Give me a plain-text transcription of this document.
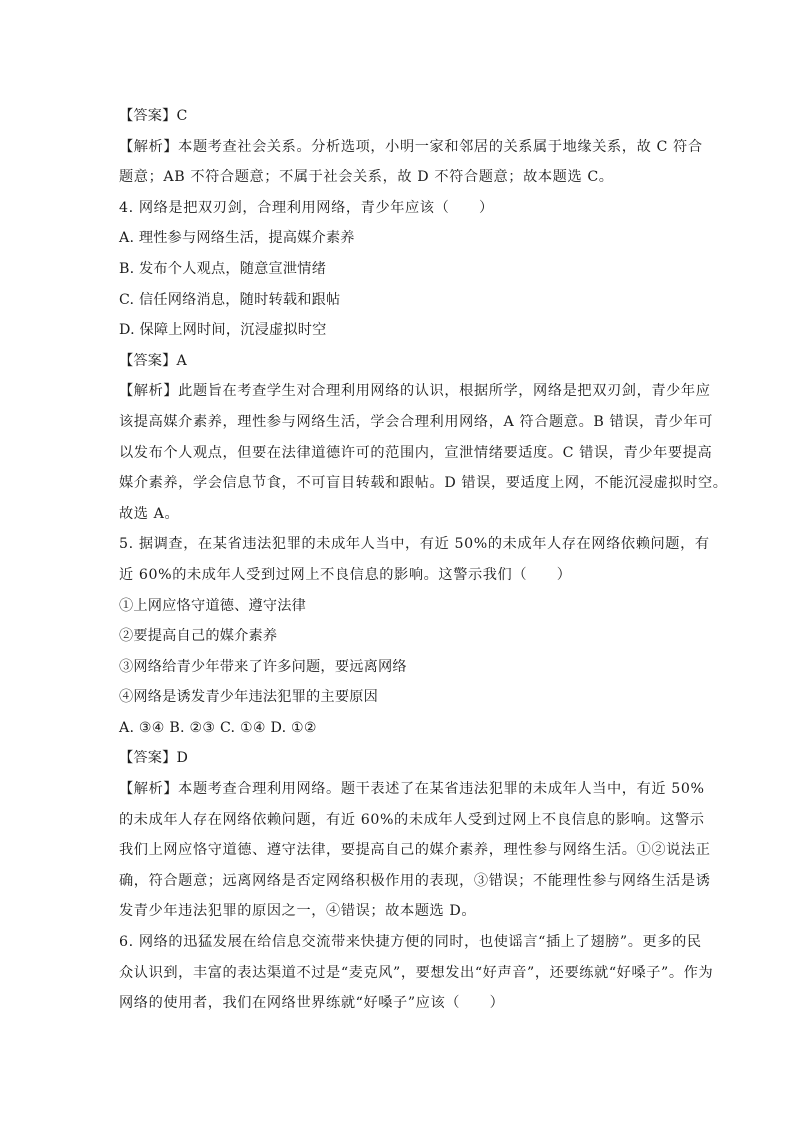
【答案】C
【解析】本题考查社会关系。分析选项，小明一家和邻居的关系属于地缘关系，故 C 符合
题意；AB 不符合题意；不属于社会关系，故 D 不符合题意；故本题选 C。
4. 网络是把双刃剑，合理利用网络，青少年应该（　　）
A. 理性参与网络生活，提高媒介素养
B. 发布个人观点，随意宣泄情绪
C. 信任网络消息，随时转载和跟帖
D. 保障上网时间，沉浸虚拟时空
【答案】A
【解析】此题旨在考查学生对合理利用网络的认识，根据所学，网络是把双刃剑，青少年应
该提高媒介素养，理性参与网络生活，学会合理利用网络，A 符合题意。B 错误，青少年可
以发布个人观点，但要在法律道德许可的范围内，宣泄情绪要适度。C 错误，青少年要提高
媒介素养，学会信息节食，不可盲目转载和跟帖。D 错误，要适度上网，不能沉浸虚拟时空。
故选 A。
5. 据调查，在某省违法犯罪的未成年人当中，有近 50%的未成年人存在网络依赖问题，有
近 60%的未成年人受到过网上不良信息的影响。这警示我们（　　）
①上网应恪守道德、遵守法律
②要提高自己的媒介素养
③网络给青少年带来了许多问题，要远离网络
④网络是诱发青少年违法犯罪的主要原因
A. ③④ B. ②③ C. ①④ D. ①②
【答案】D
【解析】本题考查合理利用网络。题干表述了在某省违法犯罪的未成年人当中，有近 50%
的未成年人存在网络依赖问题，有近 60%的未成年人受到过网上不良信息的影响。这警示
我们上网应恪守道德、遵守法律，要提高自己的媒介素养，理性参与网络生活。①②说法正
确，符合题意；远离网络是否定网络积极作用的表现，③错误；不能理性参与网络生活是诱
发青少年违法犯罪的原因之一，④错误；故本题选 D。
6. 网络的迅猛发展在给信息交流带来快捷方便的同时，也使谣言“插上了翅膀”。更多的民
众认识到，丰富的表达渠道不过是“麦克风”，要想发出“好声音”，还要练就“好嗓子”。作为
网络的使用者，我们在网络世界练就“好嗓子”应该（　　）
